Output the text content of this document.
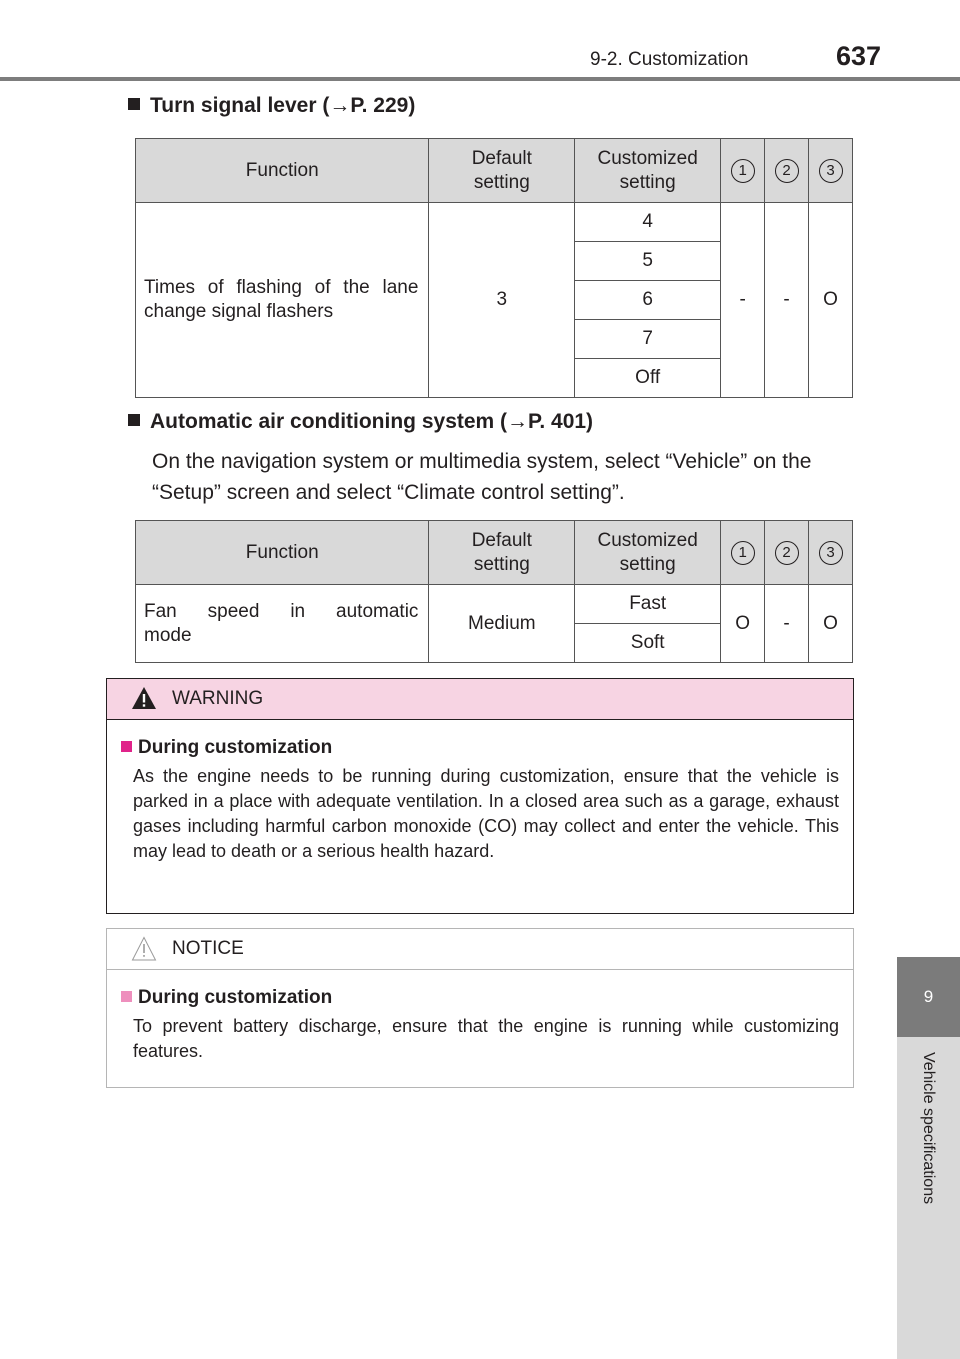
9-2. Customization	637
9
Vehicle specifications
Turn signal lever (→P. 229)
Function	Default setting	Customized setting	1	2	3

Times of flashing of the lane change signal flashers	3	4	-	-	O
		5			
		6			
		7			
		Off			
Automatic air conditioning system (→P. 401)
On the navigation system or multimedia system, select “Vehicle” on the “Setup” screen and select “Climate control setting”.
Function	Default setting	Customized setting	1	2	3

Fan speed in automatic
mode	Medium	Fast	O	-	O
		Soft			
WARNING
During customization
As the engine needs to be running during customization, ensure that the vehicle is parked in a place with adequate ventilation. In a closed area such as a garage, exhaust gases including harmful carbon monoxide (CO) may collect and enter the vehicle. This may lead to death or a serious health hazard.
NOTICE
During customization
To prevent battery discharge, ensure that the engine is running while customizing features.
